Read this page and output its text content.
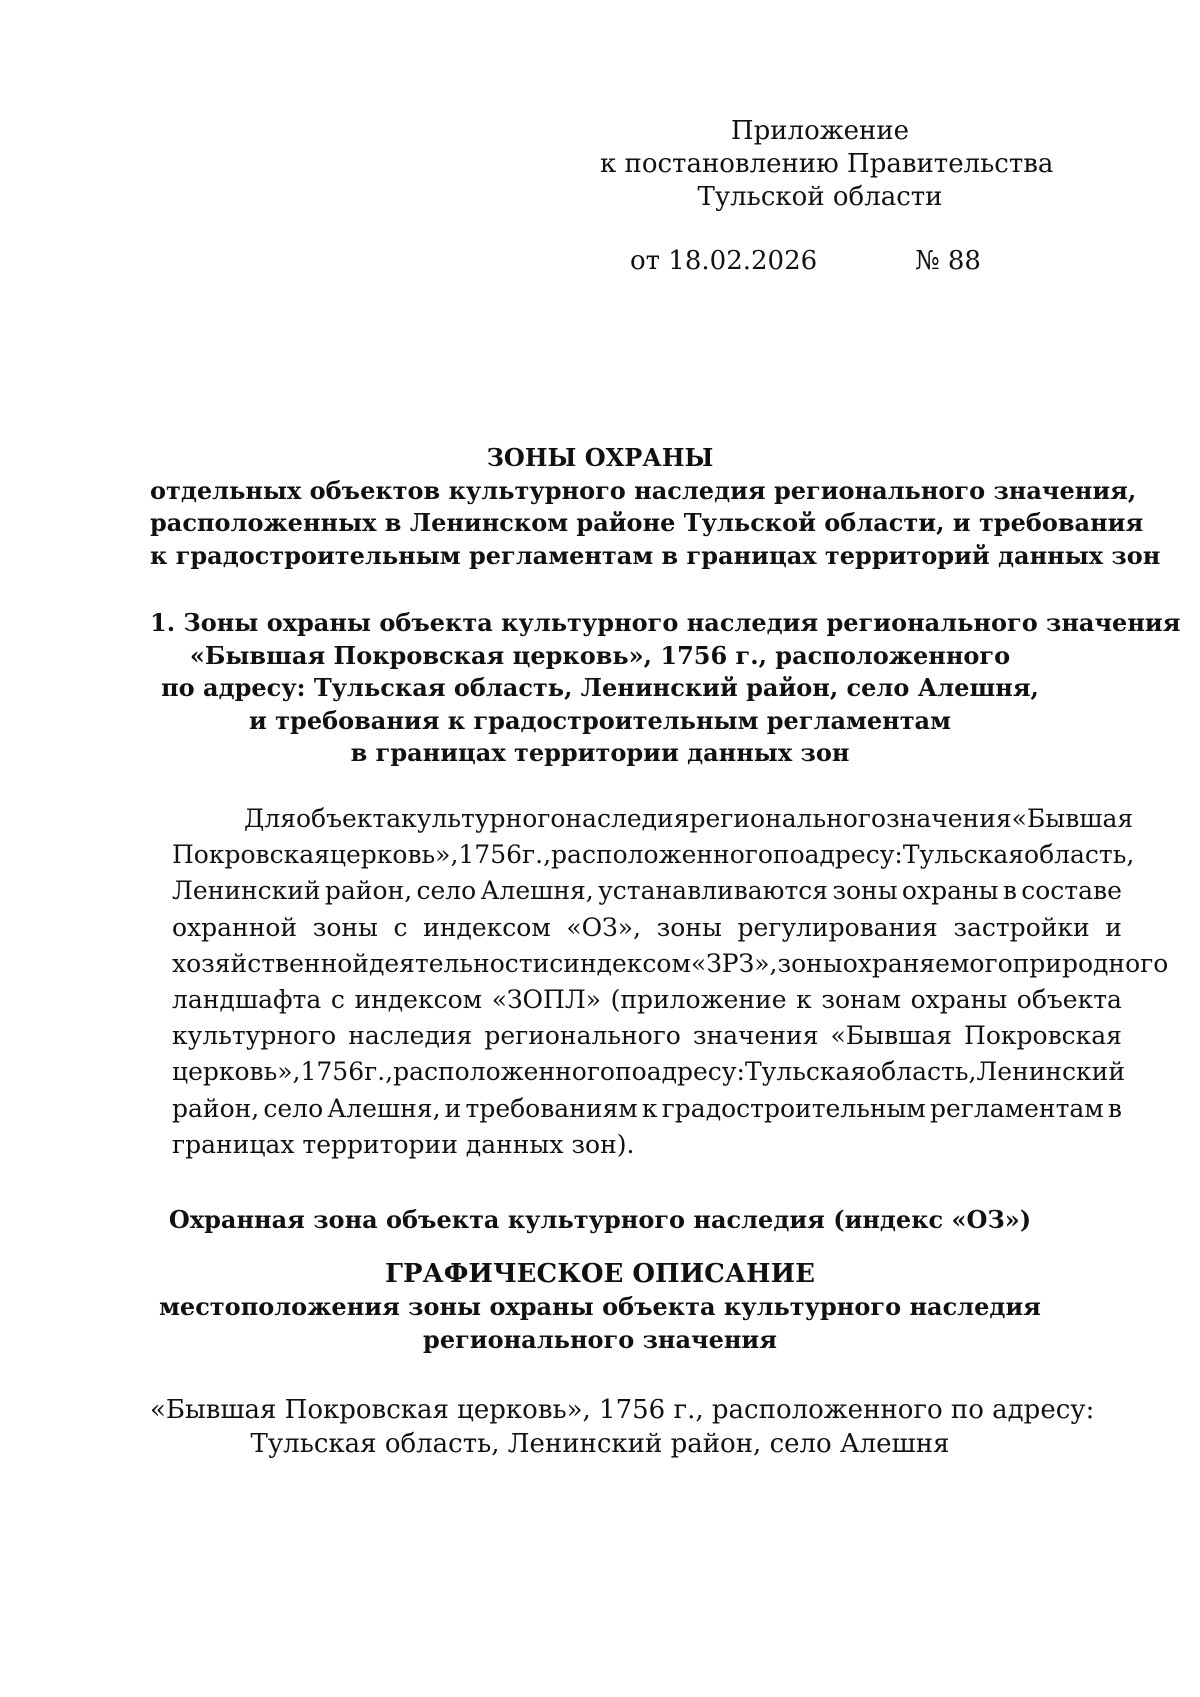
Приложение
к постановлению Правительства
Тульской области
от 18.02.2026	№ 88
ЗОНЫ ОХРАНЫ
отдельных объектов культурного наследия регионального значения,
расположенных в Ленинском районе Тульской области, и требования
к градостроительным регламентам в границах территорий данных зон
1. Зоны охраны объекта культурного наследия регионального значения
«Бывшая Покровская церковь», 1756 г., расположенного
по адресу: Тульская область, Ленинский район, село Алешня,
и требования к градостроительным регламентам
в границах территории данных зон
Для объекта культурного наследия регионального значения «Бывшая
Покровская церковь», 1756 г., расположенного по адресу: Тульская область,
Ленинский район, село Алешня, устанавливаются зоны охраны в составе
охранной зоны с индексом «ОЗ», зоны регулирования застройки и
хозяйственной деятельности с индексом «ЗРЗ», зоны охраняемого природного
ландшафта с индексом «ЗОПЛ» (приложение к зонам охраны объекта
культурного наследия регионального значения «Бывшая Покровская
церковь», 1756 г., расположенного по адресу: Тульская область, Ленинский
район, село Алешня, и требованиям к градостроительным регламентам в
границах территории данных зон).
Охранная зона объекта культурного наследия (индекс «ОЗ»)
ГРАФИЧЕСКОЕ ОПИСАНИЕ
местоположения зоны охраны объекта культурного наследия
регионального значения
«Бывшая Покровская церковь», 1756 г., расположенного по адресу:
Тульская область, Ленинский район, село Алешня
